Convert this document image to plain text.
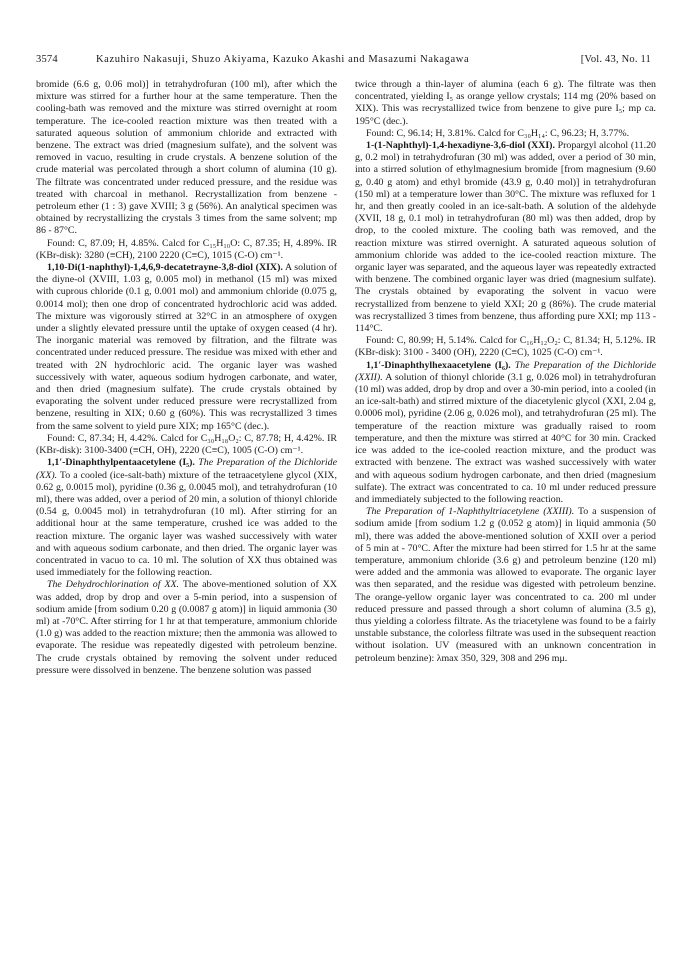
3574	Kazuhiro Nakasuji, Shuzo Akiyama, Kazuko Akashi and Masazumi Nakagawa	[Vol. 43, No. 11

bromide (6.6 g, 0.06 mol)] in tetrahydrofuran (100 ml), after which the mixture was stirred for a further hour at the same temperature. Then the cooling-bath was removed and the mixture was stirred overnight at room temperature. The ice-cooled reaction mixture was then treated with a saturated aqueous solution of ammonium chloride and extracted with benzene. The extract was dried (magnesium sulfate), and the solvent was removed in vacuo, resulting in crude crystals. A benzene solution of the crude material was percolated through a short column of alumina (10 g). The filtrate was concentrated under reduced pressure, and the residue was treated with charcoal in methanol. Recrystallization from benzene - petroleum ether (1 : 3) gave XVIII; 3 g (56%). An analytical specimen was obtained by recrystallizing the crystals 3 times from the same solvent; mp 86 - 87°C.

Found: C, 87.09; H, 4.85%. Calcd for C₁₅H₁₀O: C, 87.35; H, 4.89%. IR (KBr-disk): 3280 (≡CH), 2100 2220 (C≡C), 1015 (C-O) cm⁻¹.

1,10-Di(1-naphthyl)-1,4,6,9-decatetrayne-3,8-diol (XIX). A solution of the diyne-ol (XVIII, 1.03 g, 0.005 mol) in methanol (15 ml) was mixed with cuprous chloride (0.1 g, 0.001 mol) and ammonium chloride (0.075 g, 0.0014 mol); then one drop of concentrated hydrochloric acid was added. The mixture was vigorously stirred at 32°C in an atmosphere of oxygen under a slightly elevated pressure until the uptake of oxygen ceased (4 hr). The inorganic material was removed by filtration, and the filtrate was concentrated under reduced pressure. The residue was mixed with ether and treated with 2N hydrochloric acid. The organic layer was washed successively with water, aqueous sodium hydrogen carbonate, and water, and then dried (magnesium sulfate). The crude crystals obtained by evaporating the solvent under reduced pressure were recrystallized from benzene, resulting in XIX; 0.60 g (60%). This was recrystallized 3 times from the same solvent to yield pure XIX; mp 165°C (dec.).

Found: C, 87.34; H, 4.42%. Calcd for C₃₀H₁₈O₂: C, 87.78; H, 4.42%. IR (KBr-disk): 3100-3400 (≡CH, OH), 2220 (C≡C), 1005 (C-O) cm⁻¹.

1,1′-Dinaphthylpentaacetylene (I₅). The Preparation of the Dichloride (XX). To a cooled (ice-salt-bath) mixture of the tetraacetylene glycol (XIX, 0.62 g, 0.0015 mol), pyridine (0.36 g, 0.0045 mol), and tetrahydrofuran (10 ml), there was added, over a period of 20 min, a solution of thionyl chloride (0.54 g, 0.0045 mol) in tetrahydrofuran (10 ml). After stirring for an additional hour at the same temperature, crushed ice was added to the reaction mixture. The organic layer was washed successively with water and with aqueous sodium carbonate, and then dried. The organic layer was concentrated in vacuo to ca. 10 ml. The solution of XX thus obtained was used immediately for the following reaction.

The Dehydrochlorination of XX. The above-mentioned solution of XX was added, drop by drop and over a 5-min period, into a suspension of sodium amide [from sodium 0.20 g (0.0087 g atom)] in liquid ammonia (30 ml) at -70°C. After stirring for 1 hr at that temperature, ammonium chloride (1.0 g) was added to the reaction mixture; then the ammonia was allowed to evaporate. The residue was repeatedly digested with petroleum benzine. The crude crystals obtained by removing the solvent under reduced pressure were dissolved in benzene. The benzene solution was passed

twice through a thin-layer of alumina (each 6 g). The filtrate was then concentrated, yielding I₅ as orange yellow crystals; 114 mg (20% based on XIX). This was recrystallized twice from benzene to give pure I₅; mp ca. 195°C (dec.).

Found: C, 96.14; H, 3.81%. Calcd for C₃₀H₁₄: C, 96.23; H, 3.77%.

1-(1-Naphthyl)-1,4-hexadiyne-3,6-diol (XXI). Propargyl alcohol (11.20 g, 0.2 mol) in tetrahydrofuran (30 ml) was added, over a period of 30 min, into a stirred solution of ethylmagnesium bromide [from magnesium (9.60 g, 0.40 g atom) and ethyl bromide (43.9 g, 0.40 mol)] in tetrahydrofuran (150 ml) at a temperature lower than 30°C. The mixture was refluxed for 1 hr, and then greatly cooled in an ice-salt-bath. A solution of the aldehyde (XVII, 18 g, 0.1 mol) in tetrahydrofuran (80 ml) was then added, drop by drop, to the cooled mixture. The cooling bath was removed, and the reaction mixture was stirred overnight. A saturated aqueous solution of ammonium chloride was added to the ice-cooled reaction mixture. The organic layer was separated, and the aqueous layer was repeatedly extracted with benzene. The combined organic layer was dried (magnesium sulfate). The crystals obtained by evaporating the solvent in vacuo were recrystallized from benzene to yield XXI; 20 g (86%). The crude material was recrystallized 3 times from benzene, thus affording pure XXI; mp 113 - 114°C.

Found: C, 80.99; H, 5.14%. Calcd for C₁₆H₁₂O₂: C, 81.34; H, 5.12%. IR (KBr-disk): 3100 - 3400 (OH), 2220 (C≡C), 1025 (C-O) cm⁻¹.

1,1′-Dinaphthylhexaacetylene (I₆). The Preparation of the Dichloride (XXII). A solution of thionyl chloride (3.1 g, 0.026 mol) in tetrahydrofuran (10 ml) was added, drop by drop and over a 30-min period, into a cooled (in an ice-salt-bath) and stirred mixture of the diacetylenic glycol (XXI, 2.04 g, 0.0006 mol), pyridine (2.06 g, 0.026 mol), and tetrahydrofuran (25 ml). The temperature of the reaction mixture was gradually raised to room temperature, and then the mixture was stirred at 40°C for 30 min. Cracked ice was added to the ice-cooled reaction mixture, and the product was extracted with benzene. The extract was washed successively with water and with aqueous sodium hydrogen carbonate, and then dried (magnesium sulfate). The extract was concentrated to ca. 10 ml under reduced pressure and immediately subjected to the following reaction.

The Preparation of 1-Naphthyltriacetylene (XXIII). To a suspension of sodium amide [from sodium 1.2 g (0.052 g atom)] in liquid ammonia (50 ml), there was added the above-mentioned solution of XXII over a period of 5 min at - 70°C. After the mixture had been stirred for 1.5 hr at the same temperature, ammonium chloride (3.6 g) and petroleum benzine (120 ml) were added and the ammonia was allowed to evaporate. The organic layer was then separated, and the residue was digested with petroleum benzine. The orange-yellow organic layer was concentrated to ca. 200 ml under reduced pressure and passed through a short column of alumina (3.5 g), thus yielding a colorless filtrate. As the triacetylene was found to be a fairly unstable substance, the colorless filtrate was used in the subsequent reaction without isolation. UV (measured with an unknown concentration in petroleum benzine): λmax 350, 329, 308 and 296 mμ.
